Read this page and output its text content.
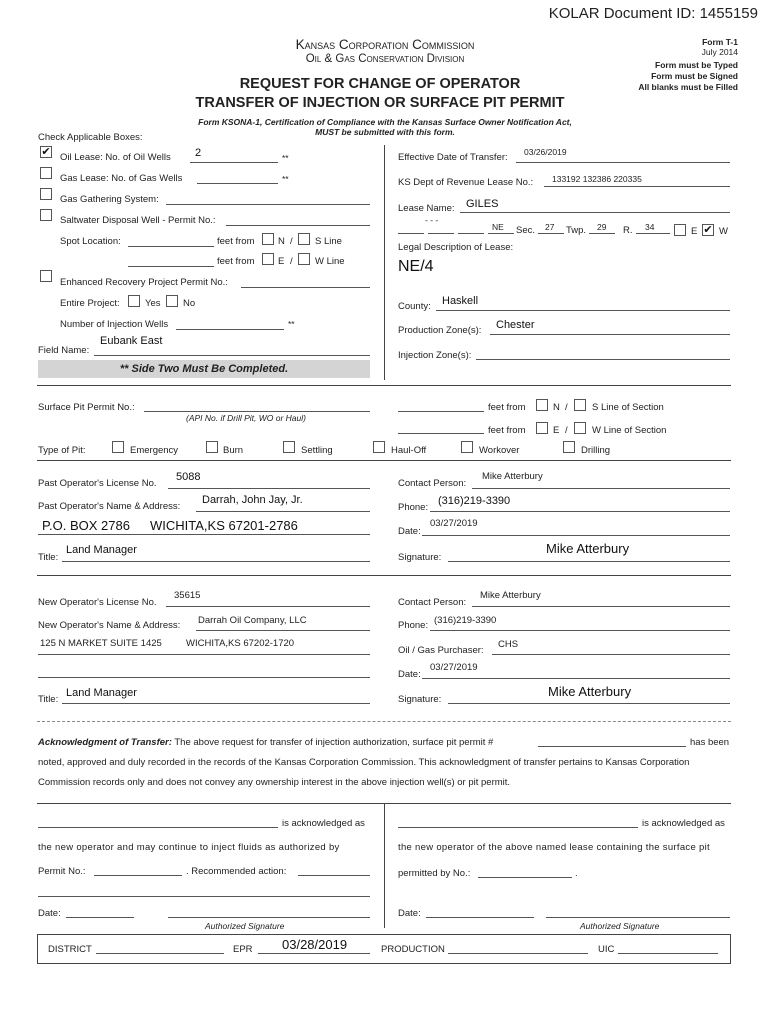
KOLAR Document ID: 1455159
Kansas Corporation Commission
Oil & Gas Conservation Division
REQUEST FOR CHANGE OF OPERATOR
TRANSFER OF INJECTION OR SURFACE PIT PERMIT
Form T-1
July 2014
Form must be Typed
Form must be Signed
All blanks must be Filled
Form KSONA-1, Certification of Compliance with the Kansas Surface Owner Notification Act,
MUST be submitted with this form.
Check Applicable Boxes:
✔ Oil Lease: No. of Oil Wells 2	**
Gas Lease: No. of Gas Wells	**
Gas Gathering System:
Saltwater Disposal Well - Permit No.:
Spot Location:	feet from N / S Line
feet from E / W Line
Enhanced Recovery Project Permit No.:
Entire Project:	Yes No
Number of Injection Wells	**
Field Name:
Eubank East
** Side Two Must Be Completed.
Effective Date of Transfer: 03/26/2019
KS Dept of Revenue Lease No.: 133192 132386 220335
Lease Name: GILES
- - -
NE Sec. 27 Twp. 29 R. 34	E ✔ W
Legal Description of Lease:
NE/4
County: Haskell
Production Zone(s): Chester
Injection Zone(s):
Surface Pit Permit No.:
(API No. if Drill Pit, WO or Haul)
feet from	N /	S Line of Section
feet from	E /	W Line of Section
Type of Pit:	Emergency	Burn	Settling	Haul-Off	Workover	Drilling
Past Operator's License No.
5088
Past Operator's Name & Address:
Darrah, John Jay, Jr.
P.O. BOX 2786 WICHITA,KS 67201-2786
Title:
Land Manager
Contact Person:
Mike Atterbury
Phone:
(316)219-3390
Date:
03/27/2019
Signature:
Mike Atterbury
New Operator's License No.
35615
New Operator's Name & Address: Darrah Oil Company, LLC
125 N MARKET SUITE 1425	WICHITA,KS 67202-1720
Title:
Land Manager
Contact Person:
Mike Atterbury
Phone: (316)219-3390
Oil / Gas Purchaser:
CHS
Date:
03/27/2019
Signature:
Mike Atterbury
Acknowledgment of Transfer: The above request for transfer of injection authorization, surface pit permit #	has been
noted, approved and duly recorded in the records of the Kansas Corporation Commission. This acknowledgment of transfer pertains to Kansas Corporation
Commission records only and does not convey any ownership interest in the above injection well(s) or pit permit.
is acknowledged as
the new operator and may continue to inject fluids as authorized by
Permit No.:	. Recommended action:
Date:
Authorized Signature
is acknowledged as
the new operator of the above named lease containing the surface pit
permitted by No.:	.
Date:
Authorized Signature
DISTRICT	EPR 03/28/2019	PRODUCTION	UIC
